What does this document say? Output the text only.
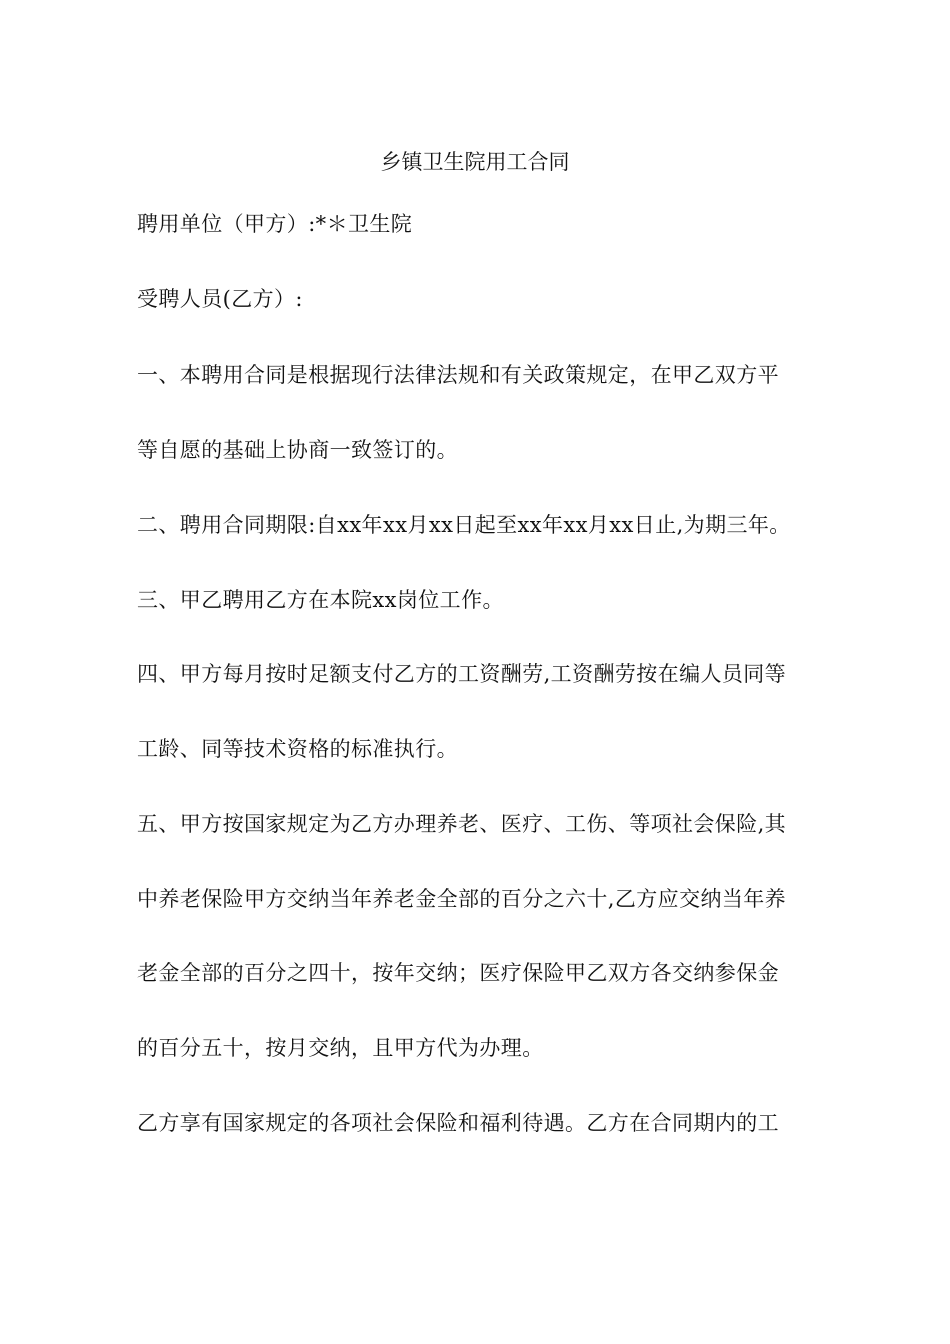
乡镇卫生院用工合同
聘用单位（甲方）:*＊卫生院
受聘人员(乙方）:
一、本聘用合同是根据现行法律法规和有关政策规定，在甲乙双方平
等自愿的基础上协商一致签订的。
二、聘用合同期限:自xx年xx月xx日起至xx年xx月xx日止,为期三年。
三、甲乙聘用乙方在本院xx岗位工作。
四、甲方每月按时足额支付乙方的工资酬劳,工资酬劳按在编人员同等
工龄、同等技术资格的标准执行。
五、甲方按国家规定为乙方办理养老、医疗、工伤、等项社会保险,其
中养老保险甲方交纳当年养老金全部的百分之六十,乙方应交纳当年养
老金全部的百分之四十，按年交纳；医疗保险甲乙双方各交纳参保金
的百分五十，按月交纳，且甲方代为办理。
乙方享有国家规定的各项社会保险和福利待遇。乙方在合同期内的工
